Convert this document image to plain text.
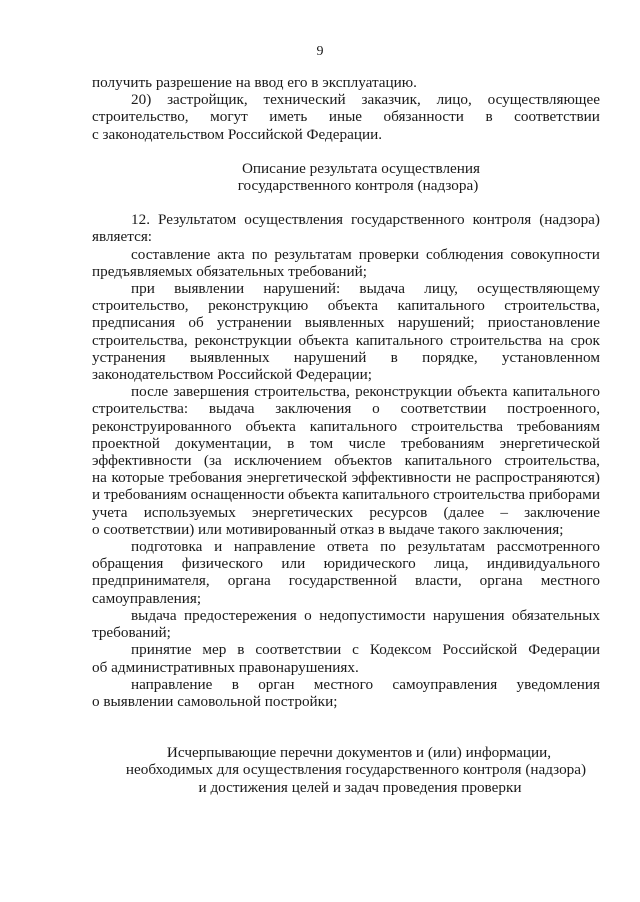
9
получить разрешение на ввод его в эксплуатацию.
20) застройщик, технический заказчик, лицо, осуществляющее
строительство, могут иметь иные обязанности в соответствии
с законодательством Российской Федерации.
Описание результата осуществления
государственного контроля (надзора)
12. Результатом осуществления государственного контроля (надзора)
является:
составление акта по результатам проверки соблюдения совокупности
предъявляемых обязательных требований;
при выявлении нарушений: выдача лицу, осуществляющему
строительство, реконструкцию объекта капитального строительства,
предписания об устранении выявленных нарушений; приостановление
строительства, реконструкции объекта капитального строительства на срок
устранения выявленных нарушений в порядке, установленном
законодательством Российской Федерации;
после завершения строительства, реконструкции объекта капитального
строительства: выдача заключения о соответствии построенного,
реконструированного объекта капитального строительства требованиям
проектной документации, в том числе требованиям энергетической
эффективности (за исключением объектов капитального строительства,
на которые требования энергетической эффективности не распространяются)
и требованиям оснащенности объекта капитального строительства приборами
учета используемых энергетических ресурсов (далее – заключение
о соответствии) или мотивированный отказ в выдаче такого заключения;
подготовка и направление ответа по результатам рассмотренного
обращения физического или юридического лица, индивидуального
предпринимателя, органа государственной власти, органа местного
самоуправления;
выдача предостережения о недопустимости нарушения обязательных
требований;
принятие мер в соответствии с Кодексом Российской Федерации
об административных правонарушениях.
направление в орган местного самоуправления уведомления
о выявлении самовольной постройки;
Исчерпывающие перечни документов и (или) информации,
необходимых для осуществления государственного контроля (надзора)
и достижения целей и задач проведения проверки
